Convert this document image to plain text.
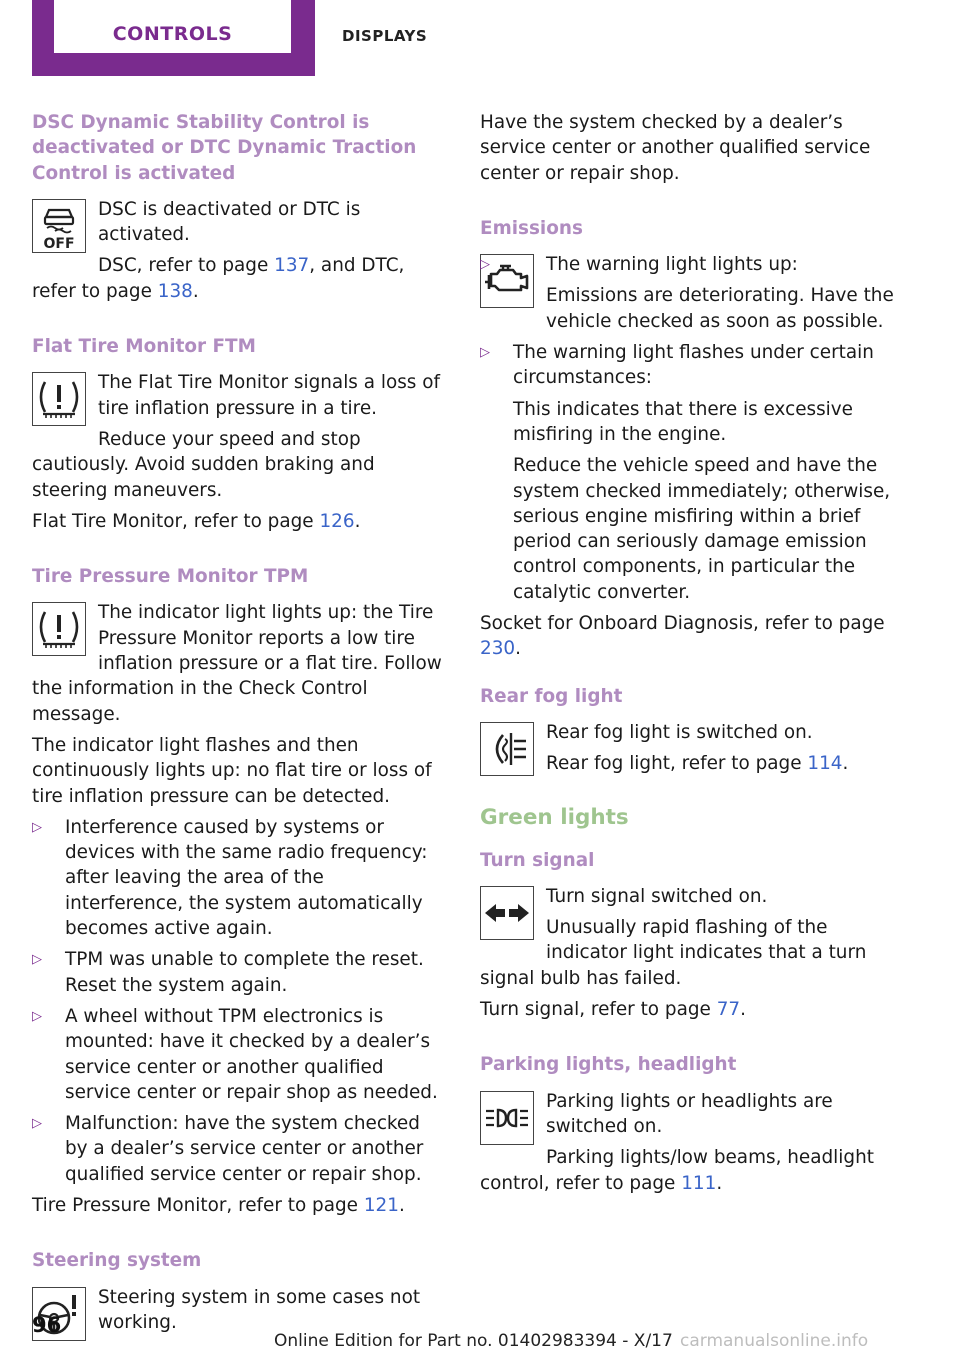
CONTROLS	DISPLAYS
DSC Dynamic Stability Control is deactivated or DTC Dynamic Traction Control is activated
OFF

DSC is deactivated or DTC is activated.

DSC, refer to page 137, and DTC, refer to page 138.

Flat Tire Monitor FTM

The Flat Tire Monitor signals a loss of tire inflation pressure in a tire.

Reduce your speed and stop cautiously. Avoid sudden braking and steering maneuvers.

Flat Tire Monitor, refer to page 126.

Tire Pressure Monitor TPM

The indicator light lights up: the Tire Pressure Monitor reports a low tire inflation pressure or a flat tire. Follow the information in the Check Control message.

The indicator light flashes and then continuously lights up: no flat tire or loss of tire inflation pressure can be detected.

▷ Interference caused by systems or devices with the same radio frequency: after leaving the area of the interference, the system automatically becomes active again.
▷ TPM was unable to complete the reset. Reset the system again.
▷ A wheel without TPM electronics is mounted: have it checked by a dealer’s service center or another qualified service center or repair shop as needed.
▷ Malfunction: have the system checked by a dealer’s service center or another qualified service center or repair shop.

Tire Pressure Monitor, refer to page 121.

Steering system

Steering system in some cases not working.

Have the system checked by a dealer’s service center or another qualified service center or repair shop.

Emissions
▷	The warning light lights up:

Emissions are deteriorating. Have the vehicle checked as soon as possible.

▷ The warning light flashes under certain circumstances:

This indicates that there is excessive misfiring in the engine.

Reduce the vehicle speed and have the system checked immediately; otherwise, serious engine misfiring within a brief period can seriously damage emission control components, in particular the catalytic converter.

Socket for Onboard Diagnosis, refer to page 230.

Rear fog light

Rear fog light is switched on.

Rear fog light, refer to page 114.

Green lights
Turn signal

Turn signal switched on.

Unusually rapid flashing of the indicator light indicates that a turn signal bulb has failed.

Turn signal, refer to page 77.

Parking lights, headlight

Parking lights or headlights are switched on.

Parking lights/low beams, headlight control, refer to page 111.

96
Online Edition for Part no. 01402983394 - X/17 carmanualsonline.info
